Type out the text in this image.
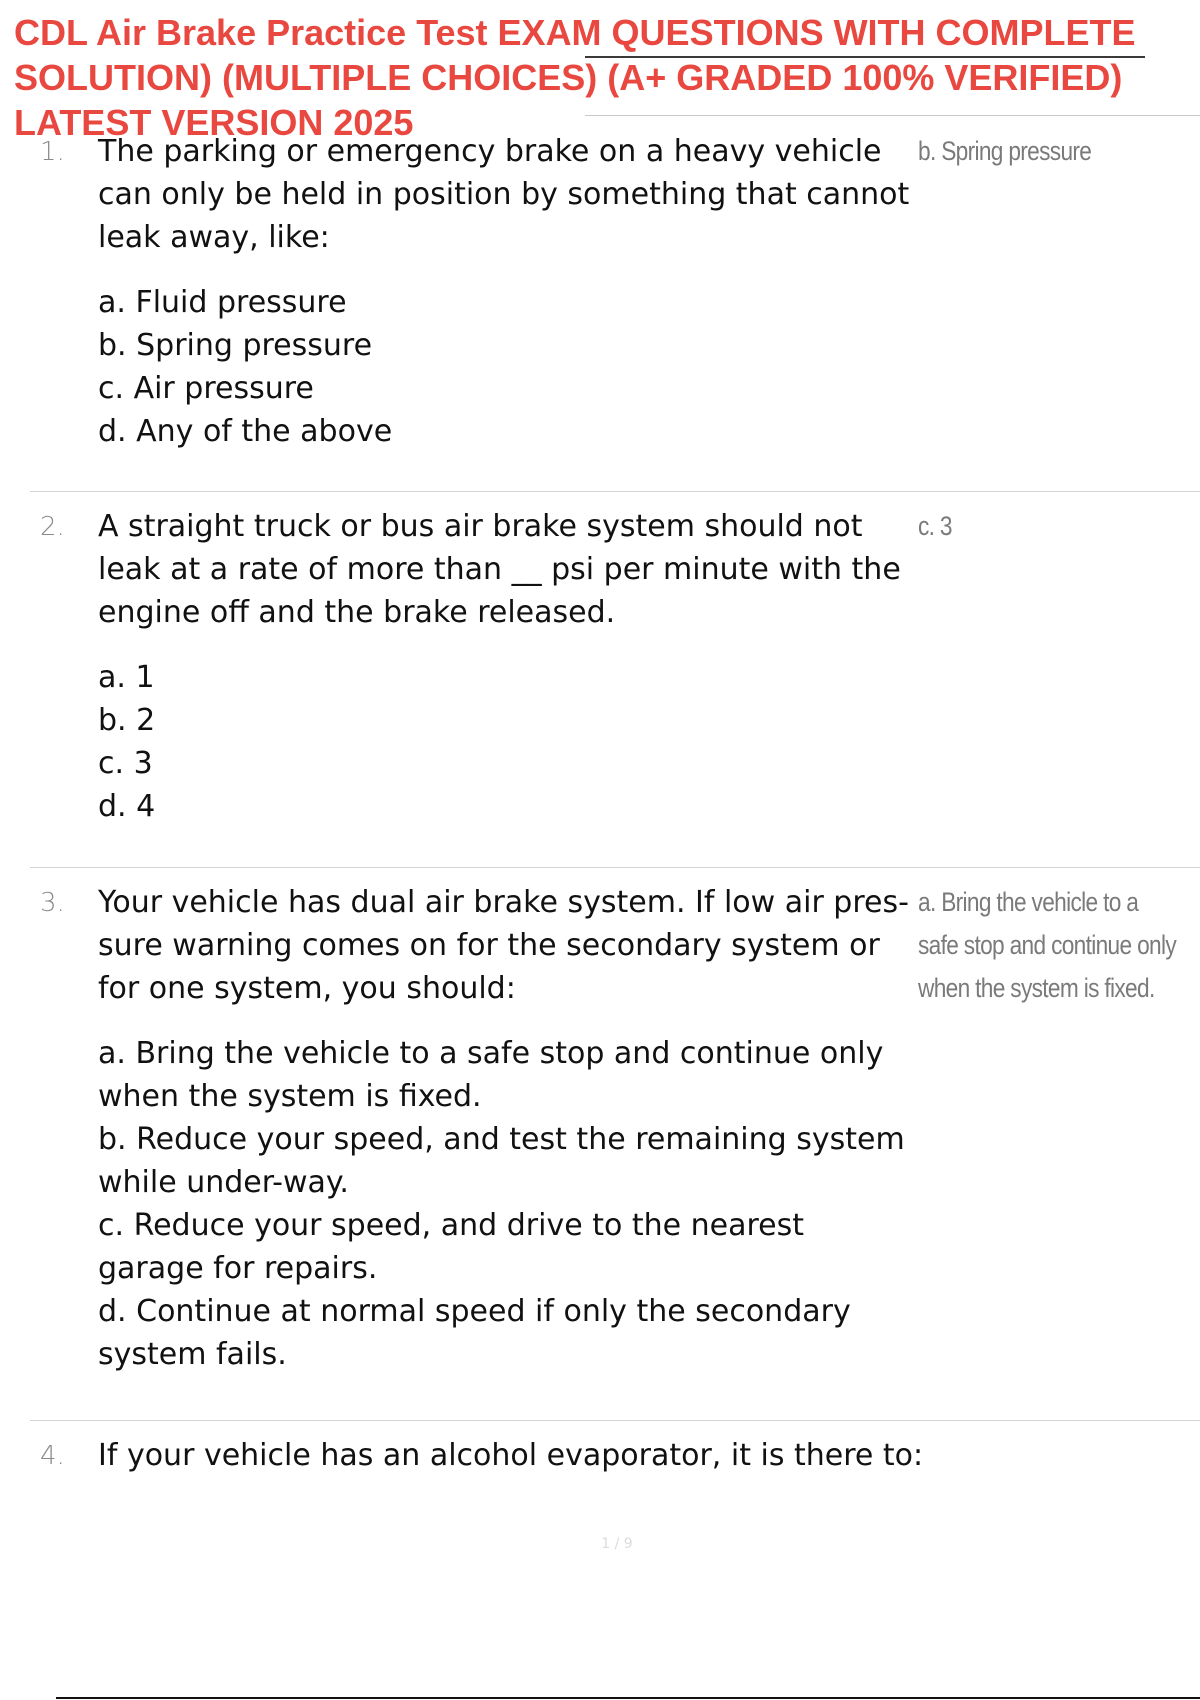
CDL Air Brake Practice Test EXAM QUESTIONS WITH COMPLETE SOLUTION) (MULTIPLE CHOICES) (A+ GRADED 100% VERIFIED) LATEST VERSION 2025
1. The parking or emergency brake on a heavy vehicle can only be held in position by something that cannot leak away, like:

a. Fluid pressure
b. Spring pressure
c. Air pressure
d. Any of the above
b. Spring pressure
2. A straight truck or bus air brake system should not leak at a rate of more than __ psi per minute with the engine off and the brake released.

a. 1
b. 2
c. 3
d. 4
c. 3
3. Your vehicle has dual air brake system. If low air pres- sure warning comes on for the secondary system or for one system, you should:

a. Bring the vehicle to a safe stop and continue only when the system is fixed.
b. Reduce your speed, and test the remaining system while under-way.
c. Reduce your speed, and drive to the nearest garage for repairs.
d. Continue at normal speed if only the secondary system fails.
a. Bring the vehicle to a safe stop and continue only when the system is fixed.
4. If your vehicle has an alcohol evaporator, it is there to:

1 / 9
